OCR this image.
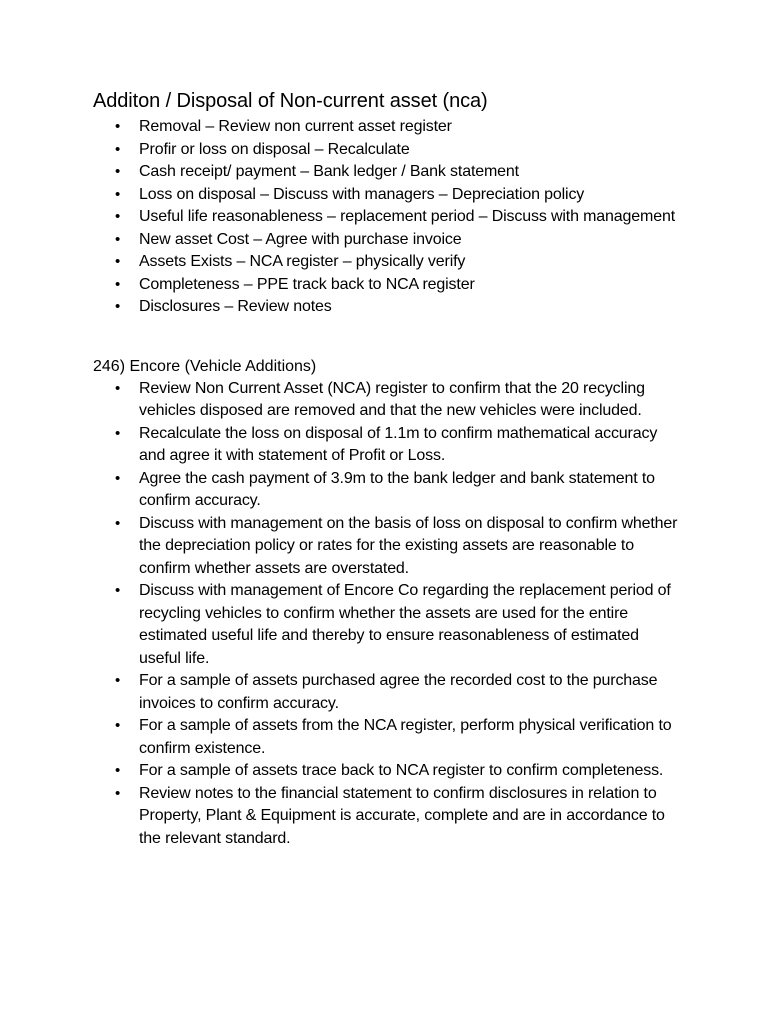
Additon / Disposal of Non-current asset (nca)
• Removal – Review non current asset register
• Profir or loss on disposal – Recalculate
• Cash receipt/ payment – Bank ledger / Bank statement
• Loss on disposal – Discuss with managers – Depreciation policy
• Useful life reasonableness – replacement period – Discuss with management
• New asset Cost – Agree with purchase invoice
• Assets Exists – NCA register – physically verify
• Completeness – PPE track back to NCA register
• Disclosures – Review notes

246) Encore (Vehicle Additions)

• Review Non Current Asset (NCA) register to confirm that the 20 recycling vehicles disposed are removed and that the new vehicles were included.
• Recalculate the loss on disposal of 1.1m to confirm mathematical accuracy and agree it with statement of Profit or Loss.
• Agree the cash payment of 3.9m to the bank ledger and bank statement to confirm accuracy.
• Discuss with management on the basis of loss on disposal to confirm whether the depreciation policy or rates for the existing assets are reasonable to confirm whether assets are overstated.
• Discuss with management of Encore Co regarding the replacement period of recycling vehicles to confirm whether the assets are used for the entire estimated useful life and thereby to ensure reasonableness of estimated useful life.
• For a sample of assets purchased agree the recorded cost to the purchase invoices to confirm accuracy.
• For a sample of assets from the NCA register, perform physical verification to confirm existence.
• For a sample of assets trace back to NCA register to confirm completeness.
• Review notes to the financial statement to confirm disclosures in relation to Property, Plant & Equipment is accurate, complete and are in accordance to the relevant standard.
